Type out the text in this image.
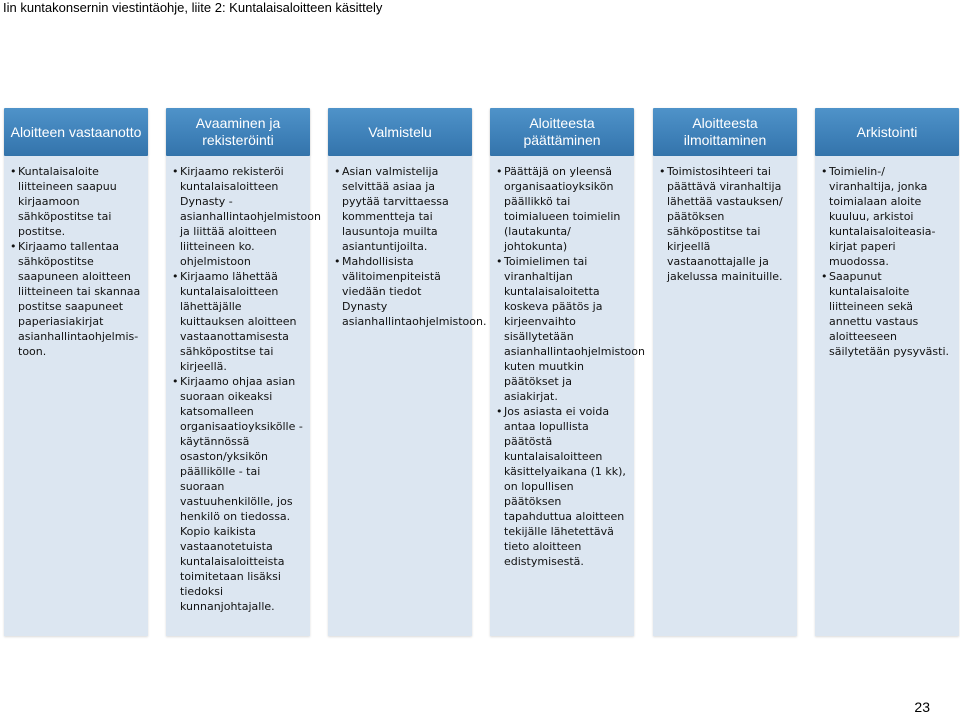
Iin kuntakonsernin viestintäohje, liite 2: Kuntalaisaloitteen käsittely
Aloitteen vastaanotto
• Kuntalaisaloite liitteineen saapuu kirjaamoon sähköpostitse tai postitse.
• Kirjaamo tallentaa sähköpostitse saapuneen aloitteen liitteineen tai skannaa postitse saapuneet paperiasiakirjat asianhallintaohjelmis-toon.
Avaaminen ja rekisteröinti
• Kirjaamo rekisteröi kuntalaisaloitteen Dynasty -asianhallintaohjelmistoon ja liittää aloitteen liitteineen ko. ohjelmistoon
• Kirjaamo lähettää kuntalaisaloitteen lähettäjälle kuittauksen aloitteen vastaanottamisesta sähköpostitse tai kirjeellä.
• Kirjaamo ohjaa asian suoraan oikeaksi katsomalleen organisaatioyksikölle -käytännössä osaston/yksikön päällikölle - tai suoraan vastuuhenkilölle, jos henkilö on tiedossa. Kopio kaikista vastaanotetuista kuntalaisaloitteista toimitetaan lisäksi tiedoksi kunnanjohtajalle.
Valmistelu
• Asian valmistelija selvittää asiaa ja pyytää tarvittaessa kommentteja tai lausuntoja muilta asiantuntijoilta.
• Mahdollisista välitoimenpiteistä viedään tiedot Dynasty asianhallintaohjelmistoon.
Aloitteesta päättäminen
• Päättäjä on yleensä organisaatioyksikön päällikkö tai toimialueen toimielin (lautakunta/ johtokunta)
• Toimielimen tai viranhaltijan kuntalaisaloitetta koskeva päätös ja kirjeenvaihto sisällytetään asianhallintaohjelmistoon kuten muutkin päätökset ja asiakirjat.
• Jos asiasta ei voida antaa lopullista päätöstä kuntalaisaloitteen käsittelyaikana (1 kk), on lopullisen päätöksen tapahduttua aloitteen tekijälle lähetettävä tieto aloitteen edistymisestä.
Aloitteesta ilmoittaminen
• Toimistosihteeri tai päättävä viranhaltija lähettää vastauksen/ päätöksen sähköpostitse tai kirjeellä vastaanottajalle ja jakelussa mainituille.
Arkistointi
• Toimielin-/ viranhaltija, jonka toimialaan aloite kuuluu, arkistoi kuntalaisaloiteasia-kirjat paperi muodossa.
• Saapunut kuntalaisaloite liitteineen sekä annettu vastaus aloitteeseen säilytetään pysyvästi.
23
